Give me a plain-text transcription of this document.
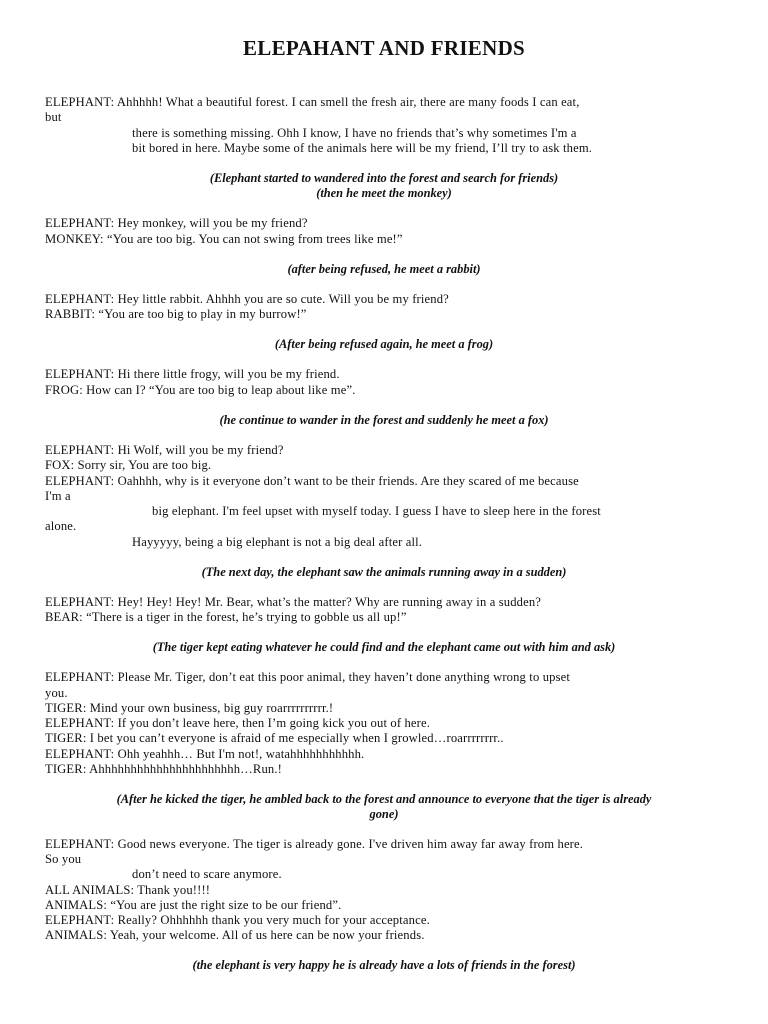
ELEPAHANT AND FRIENDS
ELEPHANT: Ahhhhh! What a beautiful forest. I can smell the fresh air, there are many foods I can eat,
but
there is something missing. Ohh I know, I have no friends that’s why sometimes I'm a
bit bored in here. Maybe some of the animals here will be my friend, I’ll try to ask them.
(Elephant started to wandered into the forest and search for friends)
(then he meet the monkey)
ELEPHANT: Hey monkey, will you be my friend?
MONKEY: “You are too big. You can not swing from trees like me!”
(after being refused, he meet a rabbit)
ELEPHANT: Hey little rabbit. Ahhhh you are so cute. Will you be my friend?
RABBIT: “You are too big to play in my burrow!”
(After being refused again, he meet a frog)
ELEPHANT: Hi there little frogy, will you be my friend.
FROG: How can I? “You are too big to leap about like me”.
(he continue to wander in the forest and suddenly he meet a fox)
ELEPHANT: Hi Wolf, will you be my friend?
FOX: Sorry sir, You are too big.
ELEPHANT: Oahhhh, why is it everyone don’t want to be their friends. Are they scared of me because
I'm a
big elephant. I'm feel upset with myself today. I guess I have to sleep here in the forest
alone.
Hayyyyy, being a big elephant is not a big deal after all.
(The next day, the elephant saw the animals running away in a sudden)
ELEPHANT: Hey! Hey! Hey! Mr. Bear, what’s the matter? Why are running away in a sudden?
BEAR: “There is a tiger in the forest, he’s trying to gobble us all up!”
(The tiger kept eating whatever he could find and the elephant came out with him and ask)
ELEPHANT: Please Mr. Tiger, don’t eat this poor animal, they haven’t done anything wrong to upset
you.
TIGER: Mind your own business, big guy roarrrrrrrrrr.!
ELEPHANT: If you don’t leave here, then I’m going kick you out of here.
TIGER: I bet you can’t everyone is afraid of me especially when I growled…roarrrrrrrr..
ELEPHANT: Ohh yeahhh… But I'm not!, watahhhhhhhhhhh.
TIGER: Ahhhhhhhhhhhhhhhhhhhhhh…Run.!
(After he kicked the tiger, he ambled back to the forest and announce to everyone that the tiger is already
gone)
ELEPHANT: Good news everyone. The tiger is already gone. I've driven him away far away from here.
So you
don’t need to scare anymore.
ALL ANIMALS: Thank you!!!!
ANIMALS: “You are just the right size to be our friend”.
ELEPHANT: Really? Ohhhhhh thank you very much for your acceptance.
ANIMALS: Yeah, your welcome. All of us here can be now your friends.
(the elephant is very happy he is already have a lots of friends in the forest)
